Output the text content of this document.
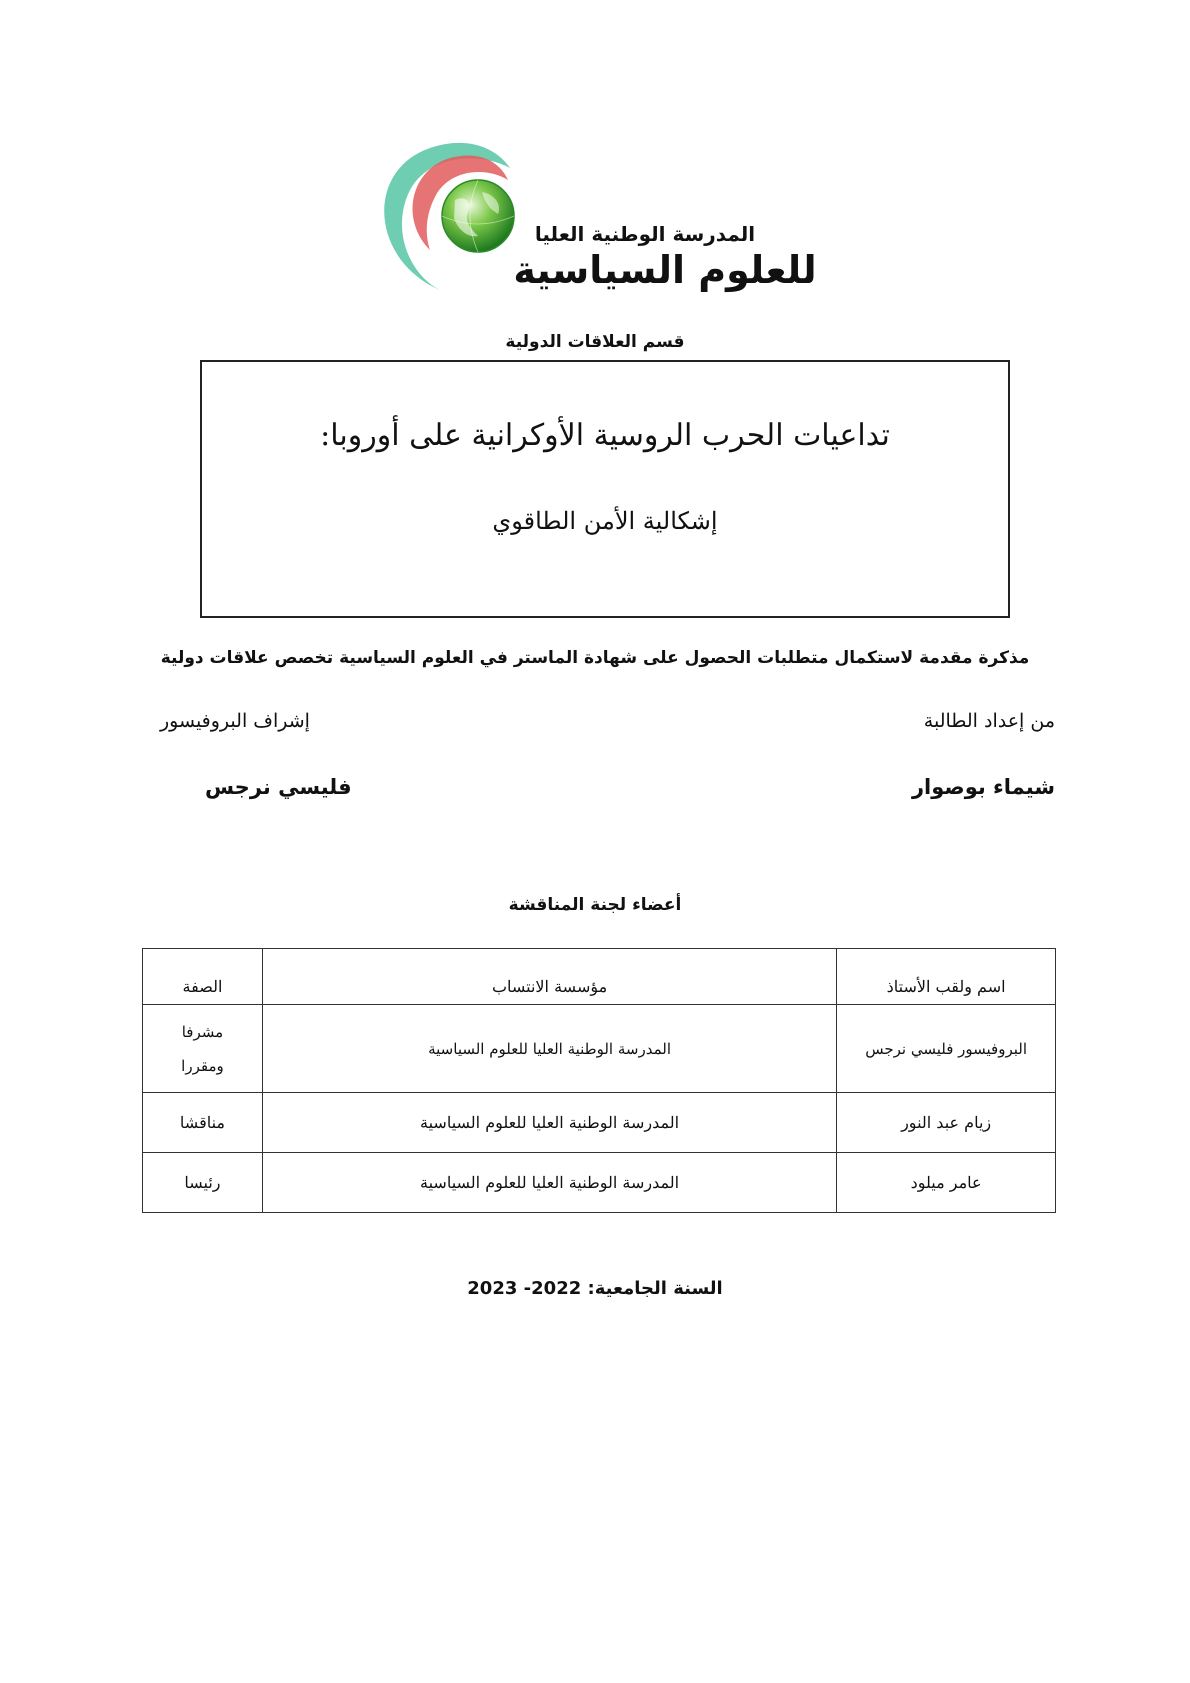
المدرسة الوطنية العليا
للعلوم السياسية
قسم العلاقات الدولية
تداعيات الحرب الروسية الأوكرانية على أوروبا:
إشكالية الأمن الطاقوي
مذكرة مقدمة لاستكمال متطلبات الحصول على شهادة الماستر في العلوم السياسية تخصص علاقات دولية
من إعداد الطالبة
إشراف البروفيسور
شيماء بوصوار
فليسي نرجس
أعضاء لجنة المناقشة
اسم ولقب الأستاذ	مؤسسة الانتساب	الصفة
البروفيسور فليسي نرجس	المدرسة الوطنية العليا للعلوم السياسية	مشرفا
ومقررا

زيام عبد النور	المدرسة الوطنية العليا للعلوم السياسية	مناقشا
عامر ميلود	المدرسة الوطنية العليا للعلوم السياسية	رئيسا
السنة الجامعية: 2022- 2023
